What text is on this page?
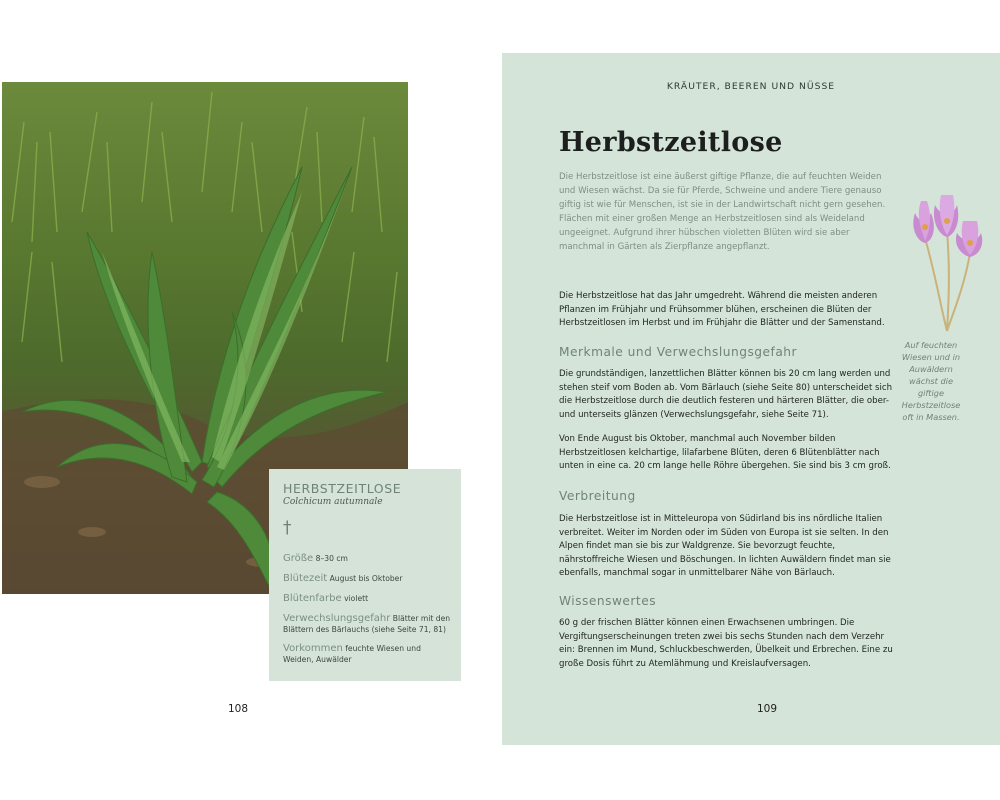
HERBSTZEITLOSE
Colchicum autumnale
†
Größe 8–30 cm
Blütezeit August bis Oktober
Blütenfarbe violett
Verwechslungsgefahr Blätter mit den
Blättern des Bärlauchs (siehe Seite 71, 81)
Vorkommen feuchte Wiesen und
Weiden, Auwälder
108
KRÄUTER, BEEREN UND NÜSSE
Herbstzeitlose

Die Herbstzeitlose ist eine äußerst giftige Pflanze, die auf feuchten Weiden und Wiesen wächst. Da sie für Pferde, Schweine und andere Tiere genauso giftig ist wie für Menschen, ist sie in der Landwirtschaft nicht gern gesehen. Flächen mit einer großen Menge an Herbstzeitlosen sind als Weideland ungeeignet. Aufgrund ihrer hübschen violetten Blüten wird sie aber manchmal in Gärten als Zierpflanze angepflanzt.

Die Herbstzeitlose hat das Jahr umgedreht. Während die meisten anderen Pflanzen im Frühjahr und Frühsommer blühen, erscheinen die Blüten der Herbstzeitlosen im Herbst und im Frühjahr die Blätter und der Samenstand.
Merkmale und Verwechslungsgefahr
Die grundständigen, lanzettlichen Blätter können bis 20 cm lang werden und stehen steif vom Boden ab. Vom Bärlauch (siehe Seite 80) unterscheidet sich die Herbstzeitlose durch die deutlich festeren und härteren Blätter, die ober- und unterseits glänzen (Verwechslungsgefahr, siehe Seite 71).
Von Ende August bis Oktober, manchmal auch November bilden Herbstzeitlosen kelchartige, lilafarbene Blüten, deren 6 Blütenblätter nach unten in eine ca. 20 cm lange helle Röhre übergehen. Sie sind bis 3 cm groß.
Verbreitung
Die Herbstzeitlose ist in Mitteleuropa von Südirland bis ins nördliche Italien verbreitet. Weiter im Norden oder im Süden von Europa ist sie selten. In den Alpen findet man sie bis zur Waldgrenze. Sie bevorzugt feuchte, nährstoffreiche Wiesen und Böschungen. In lichten Auwäldern findet man sie ebenfalls, manchmal sogar in unmittelbarer Nähe von Bärlauch.
Wissenswertes
60 g der frischen Blätter können einen Erwachsenen umbringen. Die Vergiftungserscheinungen treten zwei bis sechs Stunden nach dem Verzehr ein: Brennen im Mund, Schluckbeschwerden, Übelkeit und Erbrechen. Eine zu große Dosis führt zu Atemlähmung und Kreislaufversagen.
Auf feuchten Wiesen und in Auwäldern wächst die giftige Herbstzeitlose oft in Massen.
109
